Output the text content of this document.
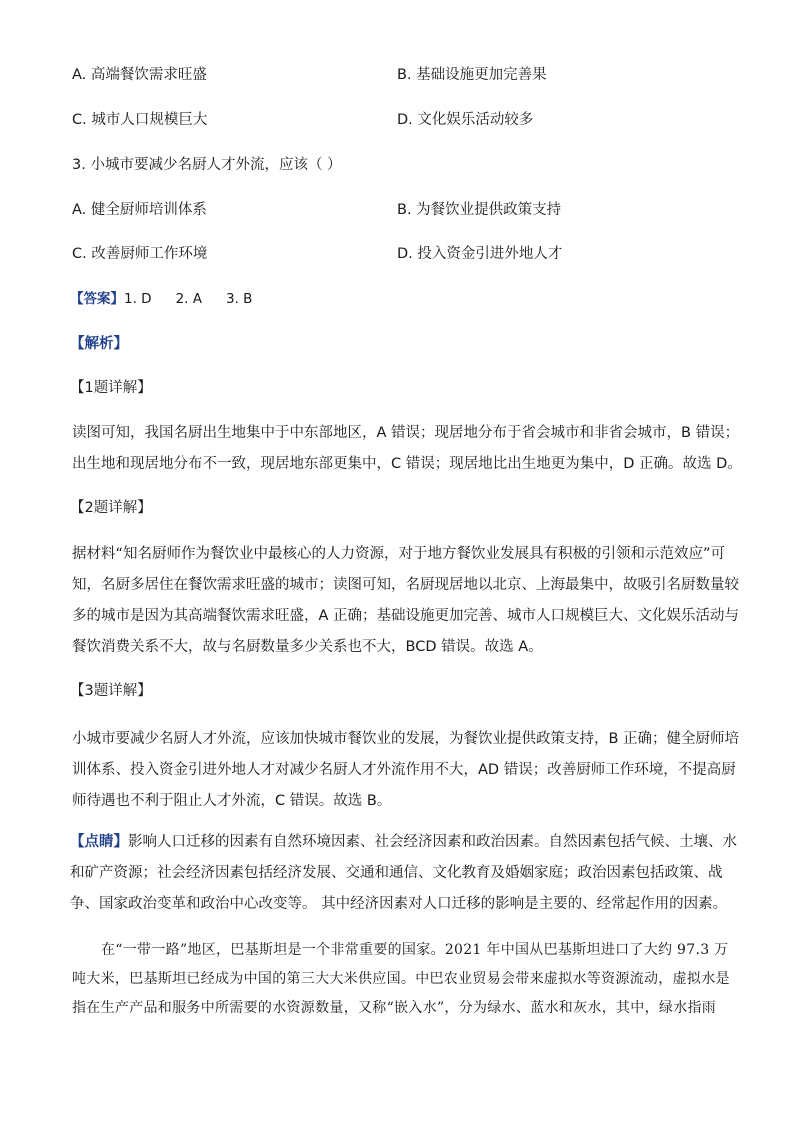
A. 高端餐饮需求旺盛	B. 基础设施更加完善果
C. 城市人口规模巨大	D. 文化娱乐活动较多
3. 小城市要减少名厨人才外流，应该（ ）
A. 健全厨师培训体系	B. 为餐饮业提供政策支持
C. 改善厨师工作环境	D. 投入资金引进外地人才
【答案】1. D 2. A 3. B
【解析】
【1题详解】
读图可知，我国名厨出生地集中于中东部地区，A 错误；现居地分布于省会城市和非省会城市，B 错误；
出生地和现居地分布不一致，现居地东部更集中，C 错误；现居地比出生地更为集中，D 正确。故选 D。
【2题详解】
据材料“知名厨师作为餐饮业中最核心的人力资源，对于地方餐饮业发展具有积极的引领和示范效应”可
知，名厨多居住在餐饮需求旺盛的城市；读图可知，名厨现居地以北京、上海最集中，故吸引名厨数量较
多的城市是因为其高端餐饮需求旺盛，A 正确；基础设施更加完善、城市人口规模巨大、文化娱乐活动与
餐饮消费关系不大，故与名厨数量多少关系也不大，BCD 错误。故选 A。
【3题详解】
小城市要减少名厨人才外流，应该加快城市餐饮业的发展，为餐饮业提供政策支持，B 正确；健全厨师培
训体系、投入资金引进外地人才对减少名厨人才外流作用不大，AD 错误；改善厨师工作环境，不提高厨
师待遇也不利于阻止人才外流，C 错误。故选 B。
【点睛】影响人口迁移的因素有自然环境因素、社会经济因素和政治因素。自然因素包括气候、土壤、水
和矿产资源；社会经济因素包括经济发展、交通和通信、文化教育及婚姻家庭；政治因素包括政策、战
争、国家政治变革和政治中心改变等。 其中经济因素对人口迁移的影响是主要的、经常起作用的因素。
在“一带一路”地区，巴基斯坦是一个非常重要的国家。2021 年中国从巴基斯坦进口了大约 97.3 万
吨大米，巴基斯坦已经成为中国的第三大大米供应国。中巴农业贸易会带来虚拟水等资源流动，虚拟水是
指在生产产品和服务中所需要的水资源数量，又称“嵌入水”，分为绿水、蓝水和灰水，其中，绿水指雨
